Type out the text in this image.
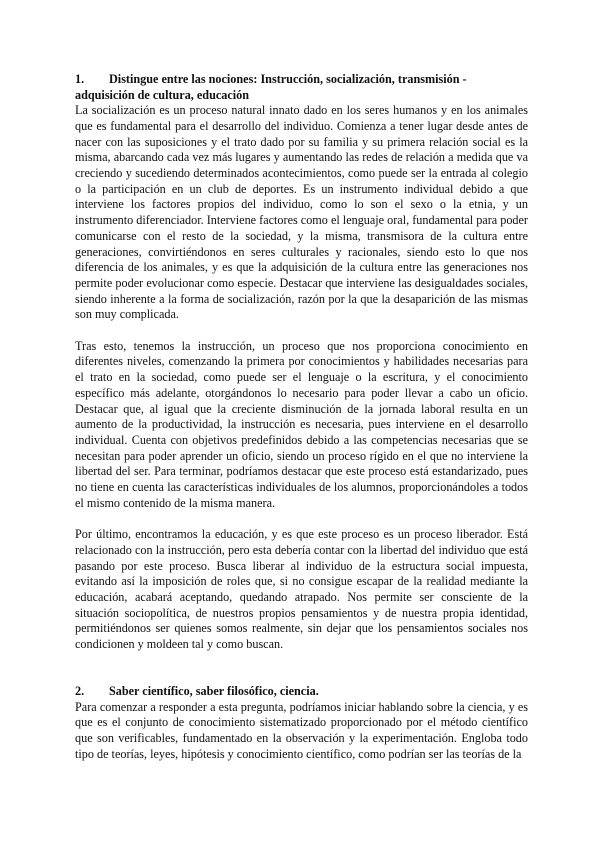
1. Distingue entre las nociones: Instrucción, socialización, transmisión - adquisición de cultura, educación

La socialización es un proceso natural innato dado en los seres humanos y en los animales que es fundamental para el desarrollo del individuo. Comienza a tener lugar desde antes de nacer con las suposiciones y el trato dado por su familia y su primera relación social es la misma, abarcando cada vez más lugares y aumentando las redes de relación a medida que va creciendo y sucediendo determinados acontecimientos, como puede ser la entrada al colegio o la participación en un club de deportes. Es un instrumento individual debido a que interviene los factores propios del individuo, como lo son el sexo o la etnia, y un instrumento diferenciador. Interviene factores como el lenguaje oral, fundamental para poder comunicarse con el resto de la sociedad, y la misma, transmisora de la cultura entre generaciones, convirtiéndonos en seres culturales y racionales, siendo esto lo que nos diferencia de los animales, y es que la adquisición de la cultura entre las generaciones nos permite poder evolucionar como especie. Destacar que interviene las desigualdades sociales, siendo inherente a la forma de socialización, razón por la que la desaparición de las mismas son muy complicada.

Tras esto, tenemos la instrucción, un proceso que nos proporciona conocimiento en diferentes niveles, comenzando la primera por conocimientos y habilidades necesarias para el trato en la sociedad, como puede ser el lenguaje o la escritura, y el conocimiento específico más adelante, otorgándonos lo necesario para poder llevar a cabo un oficio. Destacar que, al igual que la creciente disminución de la jornada laboral resulta en un aumento de la productividad, la instrucción es necesaria, pues interviene en el desarrollo individual. Cuenta con objetivos predefinidos debido a las competencias necesarias que se necesitan para poder aprender un oficio, siendo un proceso rígido en el que no interviene la libertad del ser. Para terminar, podríamos destacar que este proceso está estandarizado, pues no tiene en cuenta las características individuales de los alumnos, proporcionándoles a todos el mismo contenido de la misma manera.

Por último, encontramos la educación, y es que este proceso es un proceso liberador. Está relacionado con la instrucción, pero esta debería contar con la libertad del individuo que está pasando por este proceso. Busca liberar al individuo de la estructura social impuesta, evitando así la imposición de roles que, si no consigue escapar de la realidad mediante la educación, acabará aceptando, quedando atrapado. Nos permite ser consciente de la situación sociopolítica, de nuestros propios pensamientos y de nuestra propia identidad, permitiéndonos ser quienes somos realmente, sin dejar que los pensamientos sociales nos condicionen y moldeen tal y como buscan.

2.	Saber científico, saber filosófico, ciencia.

Para comenzar a responder a esta pregunta, podríamos iniciar hablando sobre la ciencia, y es que es el conjunto de conocimiento sistematizado proporcionado por el método científico que son verificables, fundamentado en la observación y la experimentación. Engloba todo tipo de teorías, leyes, hipótesis y conocimiento científico, como podrían ser las teorías de la
